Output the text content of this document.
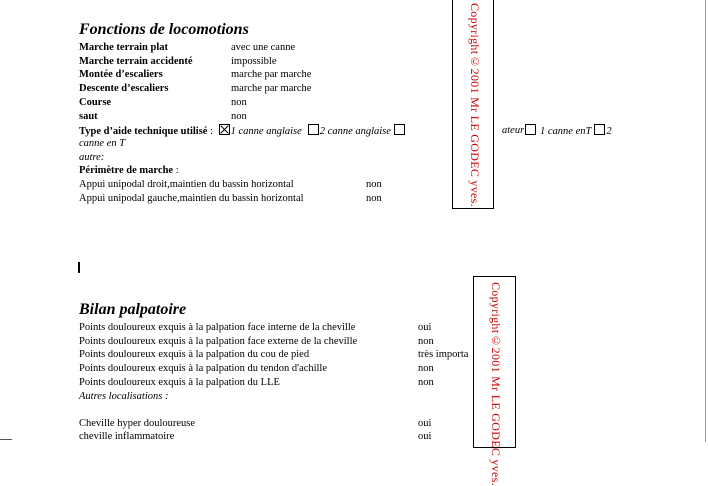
Fonctions de locomotions
Marche terrain plat	avec une canne
Marche terrain accidenté	impossible
Montée d’escaliers	marche par marche
Descente d’escaliers	marche par marche
Course	non
saut	non
Type d’aide technique utilisé : 1 canne anglaise 2 canne anglaise	ateur	1 canne enT 2
canne en T
autre:
Périmètre de marche :
Appui unipodal droit,maintien du bassin horizontal	non
Appui unipodal gauche,maintien du bassin horizontal	non	Copyright©2001 Mr LE GODEC yves.
Bilan palpatoire
Points douloureux exquis à la palpation face interne de la cheville	oui
Points douloureux exquis à la palpation face externe de la cheville	non
Points douloureux exquis à la palpation du cou de pied	très importa
Points douloureux exquis à la palpation du tendon d'achille	non
Points douloureux exquis à la palpation du LLE	non
Autres localisations :
Cheville hyper douloureuse	oui
cheville inflammatoire	oui	Copyright©2001 Mr LE GODEC yves.
